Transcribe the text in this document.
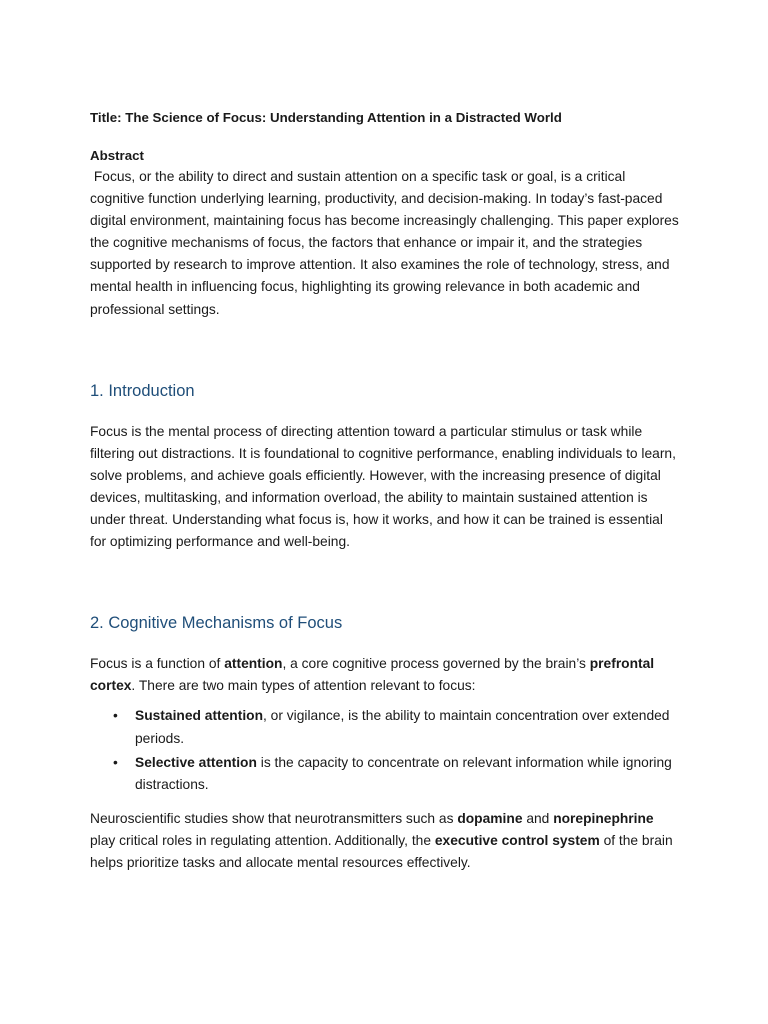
Title: The Science of Focus: Understanding Attention in a Distracted World
Abstract

Focus, or the ability to direct and sustain attention on a specific task or goal, is a critical cognitive function underlying learning, productivity, and decision-making. In today’s fast-paced digital environment, maintaining focus has become increasingly challenging. This paper explores the cognitive mechanisms of focus, the factors that enhance or impair it, and the strategies supported by research to improve attention. It also examines the role of technology, stress, and mental health in influencing focus, highlighting its growing relevance in both academic and professional settings.

1. Introduction

Focus is the mental process of directing attention toward a particular stimulus or task while filtering out distractions. It is foundational to cognitive performance, enabling individuals to learn, solve problems, and achieve goals efficiently. However, with the increasing presence of digital devices, multitasking, and information overload, the ability to maintain sustained attention is under threat. Understanding what focus is, how it works, and how it can be trained is essential for optimizing performance and well-being.

2. Cognitive Mechanisms of Focus

Focus is a function of attention, a core cognitive process governed by the brain’s prefrontal cortex. There are two main types of attention relevant to focus:

• Sustained attention, or vigilance, is the ability to maintain concentration over extended periods.
• Selective attention is the capacity to concentrate on relevant information while ignoring distractions.

Neuroscientific studies show that neurotransmitters such as dopamine and norepinephrine play critical roles in regulating attention. Additionally, the executive control system of the brain helps prioritize tasks and allocate mental resources effectively.
